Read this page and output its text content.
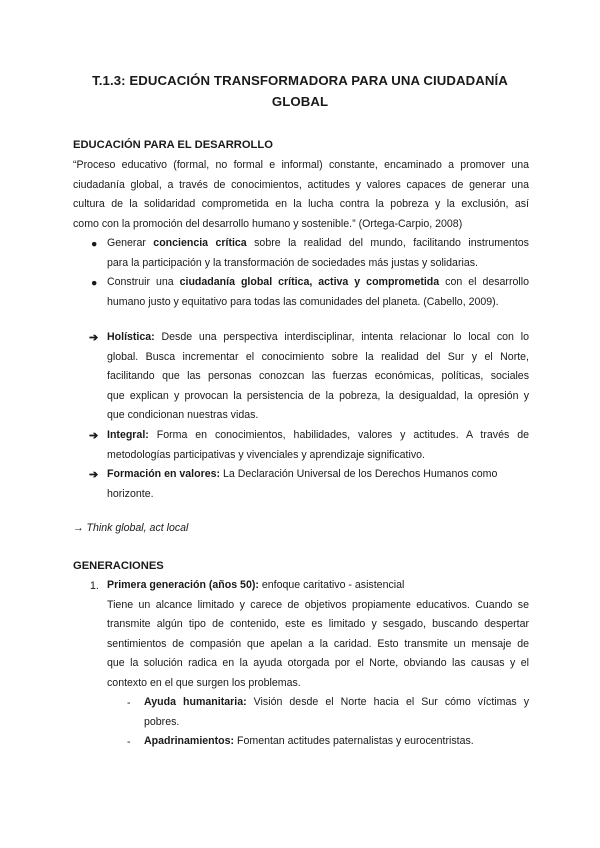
T.1.3: EDUCACIÓN TRANSFORMADORA PARA UNA CIUDADANÍA
GLOBAL
EDUCACIÓN PARA EL DESARROLLO
“Proceso educativo (formal, no formal e informal) constante, encaminado a promover una
ciudadanía global, a través de conocimientos, actitudes y valores capaces de generar una
cultura de la solidaridad comprometida en la lucha contra la pobreza y la exclusión, así
como con la promoción del desarrollo humano y sostenible.” (Ortega-Carpio, 2008)
● Generar conciencia crítica sobre la realidad del mundo, facilitando instrumentos
para la participación y la transformación de sociedades más justas y solidarias.
● Construir una ciudadanía global crítica, activa y comprometida con el desarrollo
humano justo y equitativo para todas las comunidades del planeta. (Cabello, 2009).
➔ Holística: Desde una perspectiva interdisciplinar, intenta relacionar lo local con lo
global. Busca incrementar el conocimiento sobre la realidad del Sur y el Norte,
facilitando que las personas conozcan las fuerzas económicas, políticas, sociales
que explican y provocan la persistencia de la pobreza, la desigualdad, la opresión y
que condicionan nuestras vidas.
➔ Integral: Forma en conocimientos, habilidades, valores y actitudes. A través de
metodologías participativas y vivenciales y aprendizaje significativo.
➔ Formación en valores: La Declaración Universal de los Derechos Humanos como
horizonte.
→ Think global, act local
GENERACIONES
1. Primera generación (años 50): enfoque caritativo - asistencial
Tiene un alcance limitado y carece de objetivos propiamente educativos. Cuando se
transmite algún tipo de contenido, este es limitado y sesgado, buscando despertar
sentimientos de compasión que apelan a la caridad. Esto transmite un mensaje de
que la solución radica en la ayuda otorgada por el Norte, obviando las causas y el
contexto en el que surgen los problemas.
- Ayuda humanitaria: Visión desde el Norte hacia el Sur cómo víctimas y
pobres.
- Apadrinamientos: Fomentan actitudes paternalistas y eurocentristas.
